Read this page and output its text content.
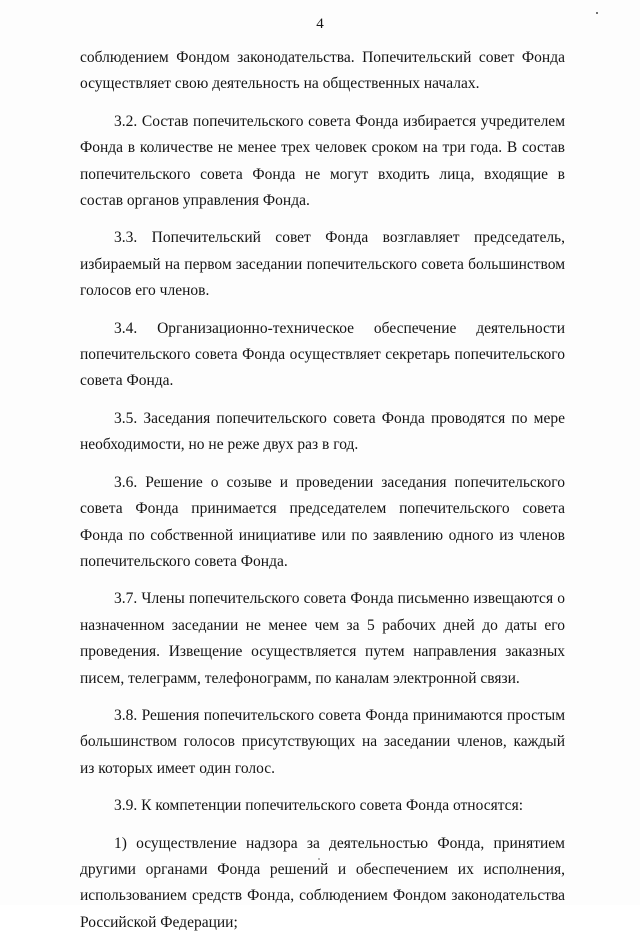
4

соблюдением Фондом законодательства. Попечительский совет Фонда осуществляет свою деятельность на общественных началах.

3.2. Состав попечительского совета Фонда избирается учредителем Фонда в количестве не менее трех человек сроком на три года. В состав попечительского совета Фонда не могут входить лица, входящие в состав органов управления Фонда.

3.3. Попечительский совет Фонда возглавляет председатель, избираемый на первом заседании попечительского совета большинством голосов его членов.

3.4. Организационно-техническое обеспечение деятельности попечительского совета Фонда осуществляет секретарь попечительского совета Фонда.

3.5. Заседания попечительского совета Фонда проводятся по мере необходимости, но не реже двух раз в год.

3.6. Решение о созыве и проведении заседания попечительского совета Фонда принимается председателем попечительского совета Фонда по собственной инициативе или по заявлению одного из членов попечительского совета Фонда.

3.7. Члены попечительского совета Фонда письменно извещаются о назначенном заседании не менее чем за 5 рабочих дней до даты его проведения. Извещение осуществляется путем направления заказных писем, телеграмм, телефонограмм, по каналам электронной связи.

3.8. Решения попечительского совета Фонда принимаются простым большинством голосов присутствующих на заседании членов, каждый из которых имеет один голос.

3.9. К компетенции попечительского совета Фонда относятся:

1) осуществление надзора за деятельностью Фонда, принятием другими органами Фонда решений и обеспечением их исполнения, использованием средств Фонда, соблюдением Фондом законодательства Российской Федерации;
